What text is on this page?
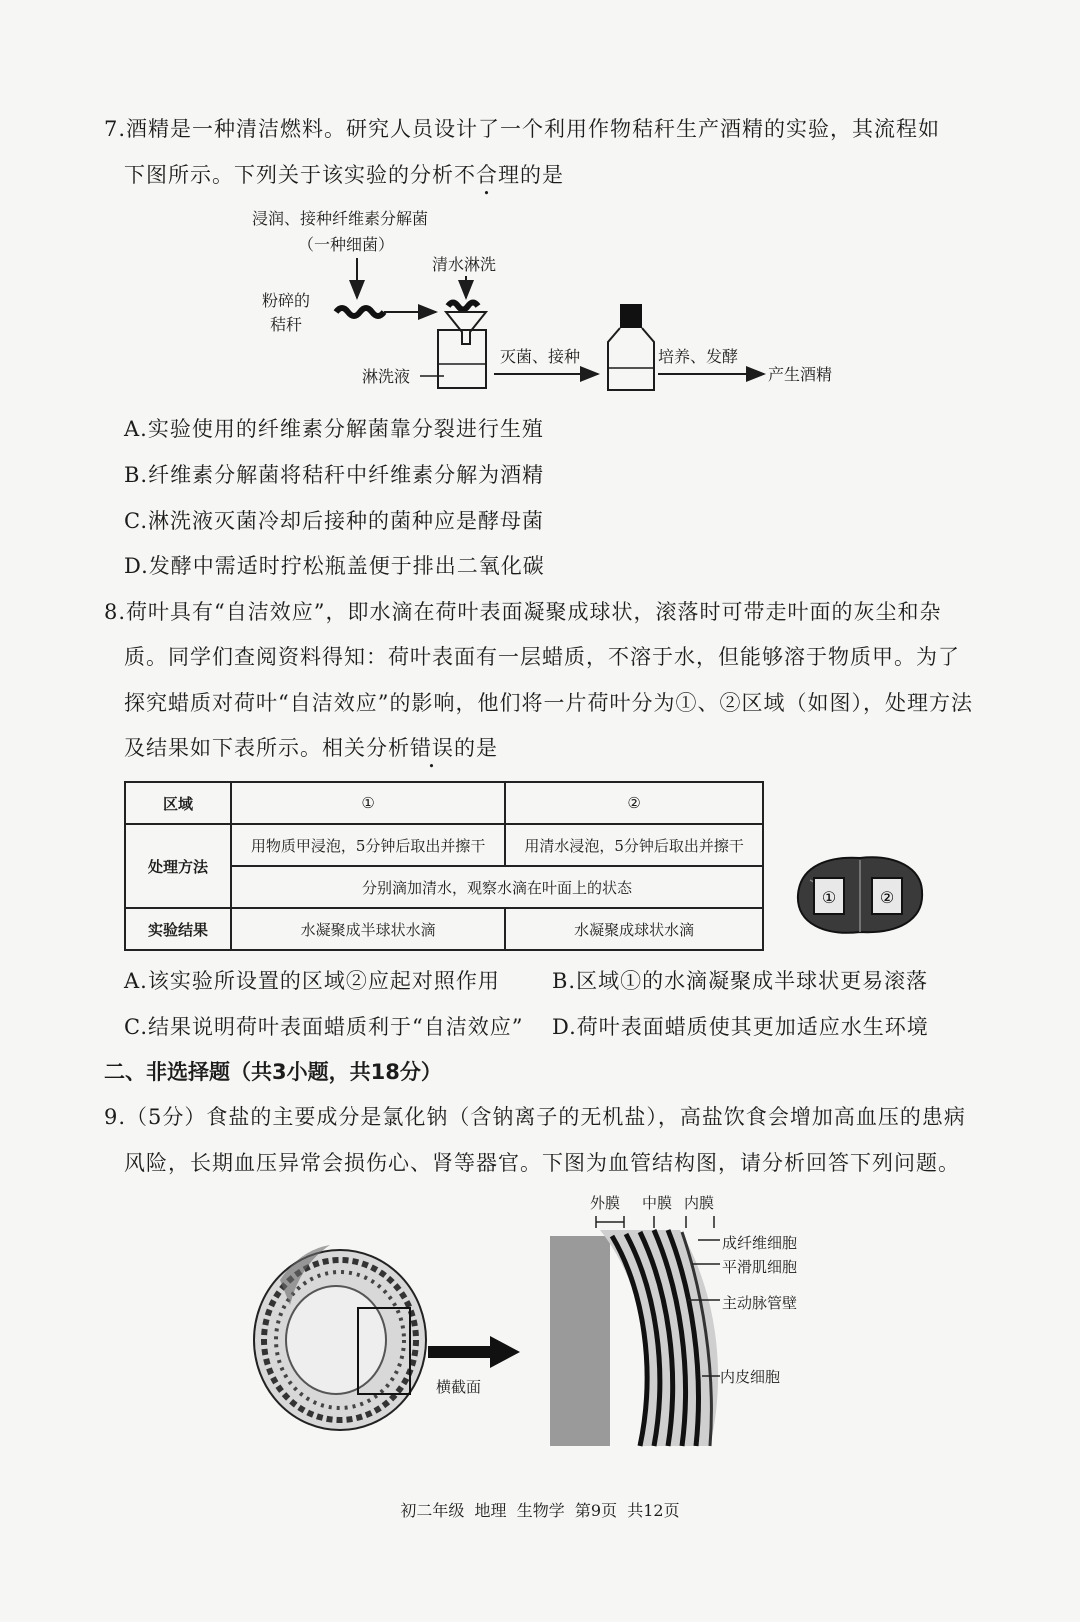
7.酒精是一种清洁燃料。研究人员设计了一个利用作物秸秆生产酒精的实验，其流程如
下图所示。下列关于该实验的分析不合理的是
浸润、接种纤维素分解菌
（一种细菌）
清水淋洗
粉碎的
秸秆
淋洗液
灭菌、接种	培养、发酵
产生酒精
A.实验使用的纤维素分解菌靠分裂进行生殖
B.纤维素分解菌将秸秆中纤维素分解为酒精
C.淋洗液灭菌冷却后接种的菌种应是酵母菌
D.发酵中需适时拧松瓶盖便于排出二氧化碳
8.荷叶具有“自洁效应”，即水滴在荷叶表面凝聚成球状，滚落时可带走叶面的灰尘和杂
质。同学们查阅资料得知：荷叶表面有一层蜡质，不溶于水，但能够溶于物质甲。为了
探究蜡质对荷叶“自洁效应”的影响，他们将一片荷叶分为①、②区域（如图），处理方法
及结果如下表所示。相关分析错误的是
区域	①	②
处理方法	用物质甲浸泡，5分钟后取出并擦干	用清水浸泡，5分钟后取出并擦干
	分别滴加清水，观察水滴在叶面上的状态	
实验结果	水凝聚成半球状水滴	水凝聚成球状水滴
①	②
A.该实验所设置的区域②应起对照作用 B.区域①的水滴凝聚成半球状更易滚落
C.结果说明荷叶表面蜡质利于“自洁效应” D.荷叶表面蜡质使其更加适应水生环境
二、非选择题（共3小题，共18分）
9.（5分）食盐的主要成分是氯化钠（含钠离子的无机盐），高盐饮食会增加高血压的患病
风险，长期血压异常会损伤心、肾等器官。下图为血管结构图，请分析回答下列问题。
外膜 中膜 内膜
成纤维细胞
平滑肌细胞
主动脉管壁
内皮细胞
横截面
初二年级  地理  生物学  第9页  共12页
